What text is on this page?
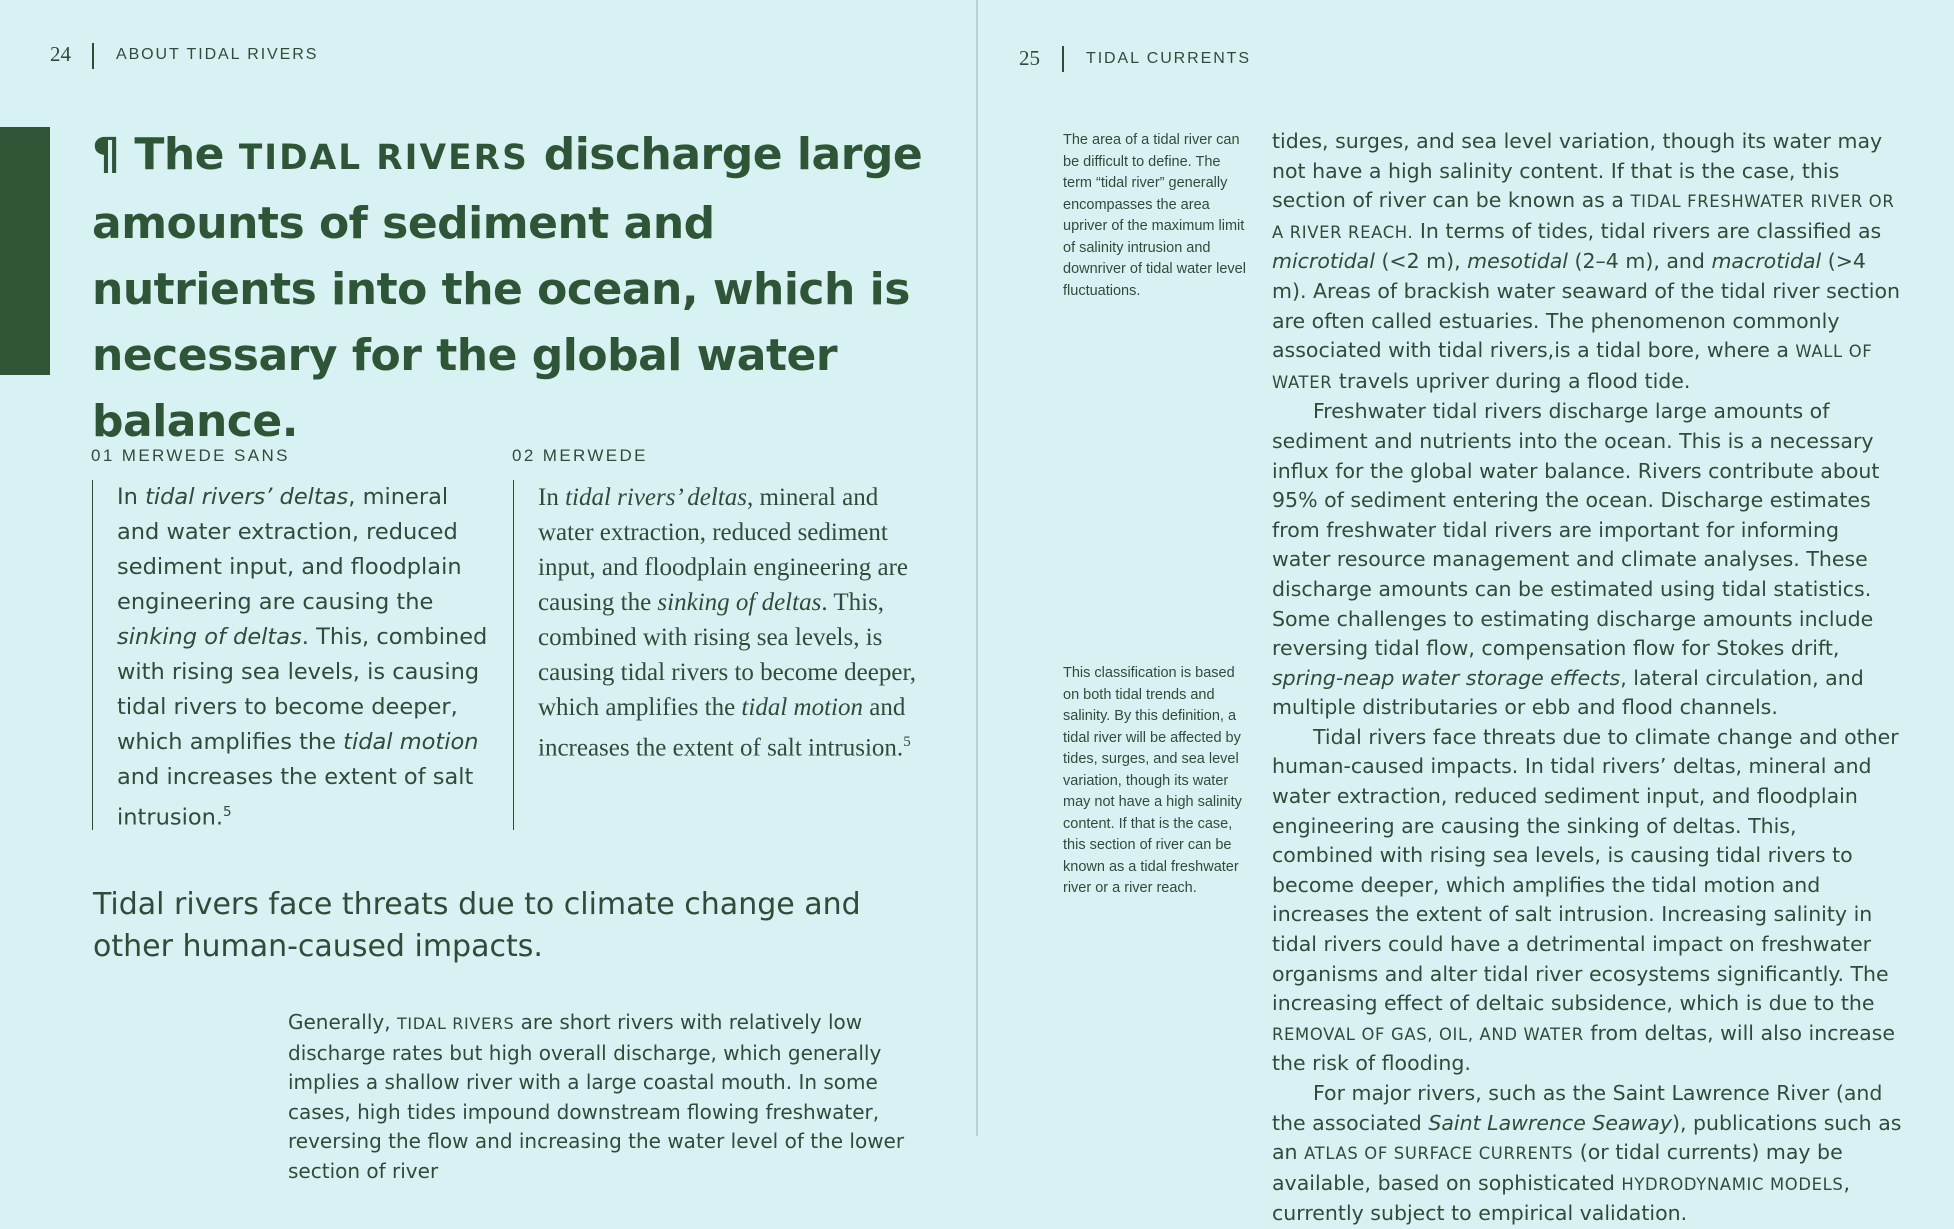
24	ABOUT TIDAL RIVERS
¶ The TIDAL RIVERS discharge large amounts of sediment and nutrients into the ocean, which is necessary for the global water balance.
01 MERWEDE SANS
In tidal rivers’ deltas, mineral and water extraction, reduced sediment input, and floodplain engineering are causing the sinking of deltas. This, combined with rising sea levels, is causing tidal rivers to become deeper, which amplifies the tidal motion and increases the extent of salt intrusion.$^5$
02 MERWEDE
In tidal rivers’ deltas, mineral and water extraction, reduced sediment input, and floodplain engineering are causing the sinking of deltas. This, combined with rising sea levels, is causing tidal rivers to become deeper, which amplifies the tidal motion and increases the extent of salt intrusion.$^5$
Tidal rivers face threats due to climate change and other human-caused impacts.
Generally, TIDAL RIVERS are short rivers with relatively low discharge rates but high overall discharge, which generally implies a shallow river with a large coastal mouth. In some cases, high tides impound downstream flowing freshwater, reversing the flow and increasing the water level of the lower section of river
25	TIDAL CURRENTS
The area of a tidal river can be difficult to define. The term “tidal river” generally encompasses the area upriver of the maximum limit of salinity intrusion and downriver of tidal water level fluctuations.
This classification is based on both tidal trends and salinity. By this definition, a tidal river will be affected by tides, surges, and sea level variation, though its water may not have a high salinity content. If that is the case, this section of river can be known as a tidal freshwater river or a river reach.

tides, surges, and sea level variation, though its water may not have a high salinity content. If that is the case, this section of river can be known as a TIDAL FRESHWATER RIVER OR A RIVER REACH. In terms of tides, tidal rivers are classified as microtidal (<2 m), mesotidal (2–4 m), and macrotidal (>4 m). Areas of brackish water seaward of the tidal river section are often called estuaries. The phenomenon commonly associated with tidal rivers,is a tidal bore, where a WALL OF WATER travels upriver during a flood tide.

Freshwater tidal rivers discharge large amounts of sediment and nutrients into the ocean. This is a necessary influx for the global water balance. Rivers contribute about 95% of sediment entering the ocean. Discharge estimates from freshwater tidal rivers are important for informing water resource management and climate analyses. These discharge amounts can be estimated using tidal statistics. Some challenges to estimating discharge amounts include reversing tidal flow, compensation flow for Stokes drift, spring-neap water storage effects, lateral circulation, and multiple distributaries or ebb and flood channels.

Tidal rivers face threats due to climate change and other human-caused impacts. In tidal rivers’ deltas, mineral and water extraction, reduced sediment input, and floodplain engineering are causing the sinking of deltas. This, combined with rising sea levels, is causing tidal rivers to become deeper, which amplifies the tidal motion and increases the extent of salt intrusion. Increasing salinity in tidal rivers could have a detrimental impact on freshwater organisms and alter tidal river ecosystems significantly. The increasing effect of deltaic subsidence, which is due to the REMOVAL OF GAS, OIL, AND WATER from deltas, will also increase the risk of flooding.

For major rivers, such as the Saint Lawrence River (and the associated Saint Lawrence Seaway), publications such as an ATLAS OF SURFACE CURRENTS (or tidal currents) may be available, based on sophisticated HYDRODYNAMIC MODELS, currently subject to empirical validation.
